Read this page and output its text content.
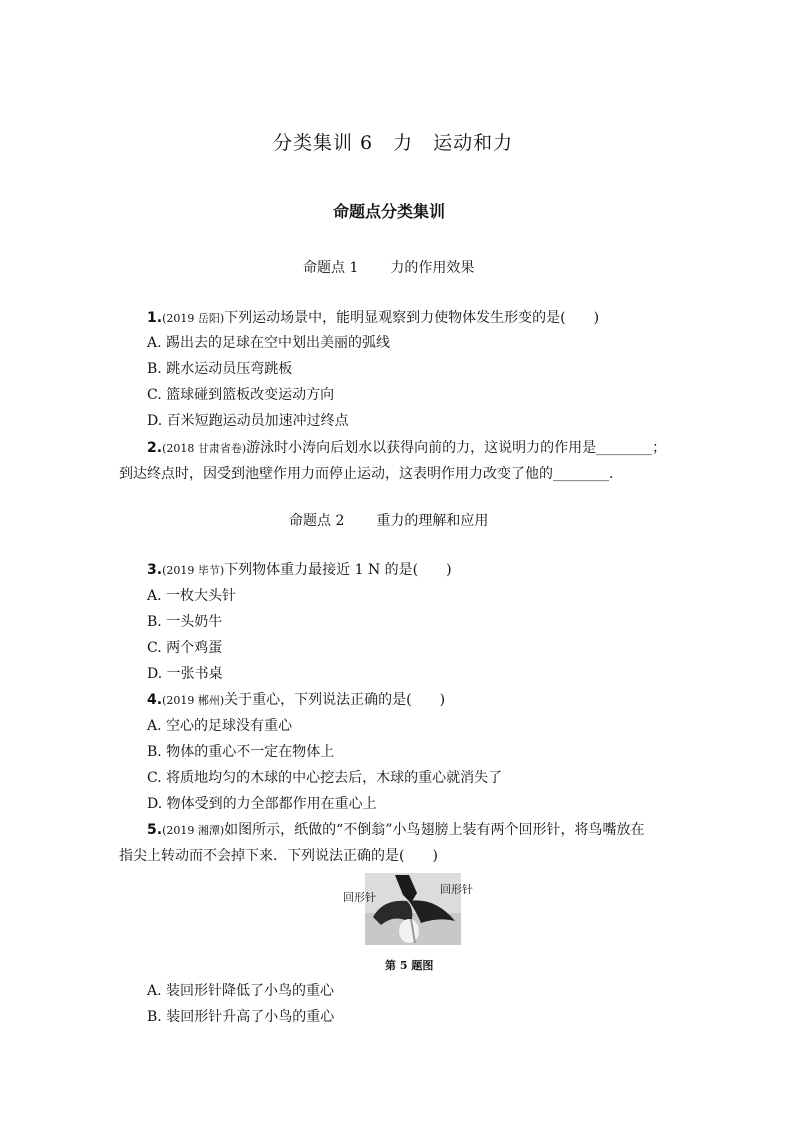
分类集训 6　力　运动和力
命题点分类集训
命题点 1 力的作用效果
1.(2019 岳阳)下列运动场景中，能明显观察到力使物体发生形变的是(　　)
A. 踢出去的足球在空中划出美丽的弧线
B. 跳水运动员压弯跳板
C. 篮球碰到篮板改变运动方向
D. 百米短跑运动员加速冲过终点
2.(2018 甘肃省卷)游泳时小涛向后划水以获得向前的力，这说明力的作用是________；
到达终点时，因受到池壁作用力而停止运动，这表明作用力改变了他的________.
命题点 2 重力的理解和应用
3.(2019 毕节)下列物体重力最接近 1 N 的是(　　)
A. 一枚大头针
B. 一头奶牛
C. 两个鸡蛋
D. 一张书桌
4.(2019 郴州)关于重心，下列说法正确的是(　　)
A. 空心的足球没有重心
B. 物体的重心不一定在物体上
C. 将质地均匀的木球的中心挖去后，木球的重心就消失了
D. 物体受到的力全部都作用在重心上
5.(2019 湘潭)如图所示，纸做的“不倒翁”小鸟翅膀上装有两个回形针，将鸟嘴放在
指尖上转动而不会掉下来．下列说法正确的是(　　)
回形针
回形针
第 5 题图
A. 装回形针降低了小鸟的重心
B. 装回形针升高了小鸟的重心
